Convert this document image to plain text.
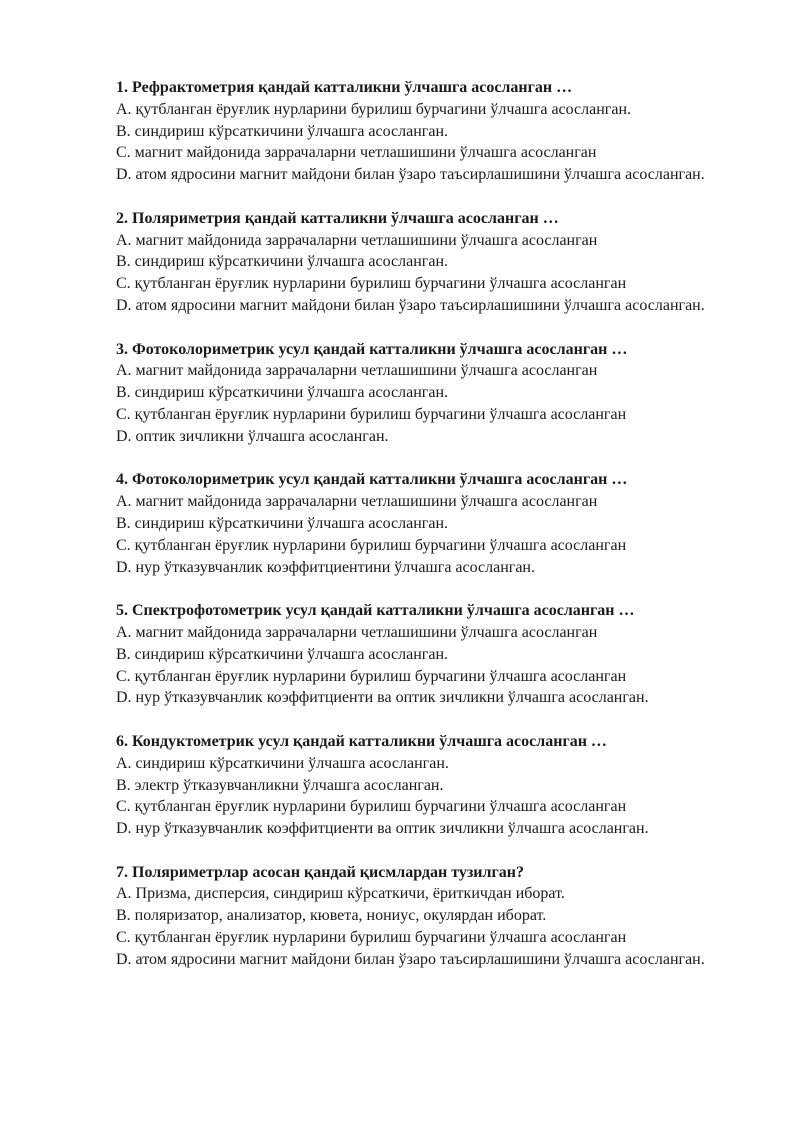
1. Рефрактометрия қандай катталикни ўлчашга асосланган …

A. қутбланган ёруғлик нурларини бурилиш бурчагини ўлчашга асосланган.

B. синдириш кўрсаткичини ўлчашга асосланган.

C. магнит майдонида заррачаларни четлашишини ўлчашга асосланган

D. атом ядросини магнит майдони билан ўзаро таъсирлашишини ўлчашга асосланган.

2. Поляриметрия қандай катталикни ўлчашга асосланган …

A. магнит майдонида заррачаларни четлашишини ўлчашга асосланган

B. синдириш кўрсаткичини ўлчашга асосланган.

C. қутбланган ёруғлик нурларини бурилиш бурчагини ўлчашга асосланган

D. атом ядросини магнит майдони билан ўзаро таъсирлашишини ўлчашга асосланган.

3. Фотоколориметрик усул қандай катталикни ўлчашга асосланган …

A. магнит майдонида заррачаларни четлашишини ўлчашга асосланган

B. синдириш кўрсаткичини ўлчашга асосланган.

C. қутбланган ёруғлик нурларини бурилиш бурчагини ўлчашга асосланган

D. оптик зичликни ўлчашга асосланган.

4. Фотоколориметрик усул қандай катталикни ўлчашга асосланган …

A. магнит майдонида заррачаларни четлашишини ўлчашга асосланган

B. синдириш кўрсаткичини ўлчашга асосланган.

C. қутбланган ёруғлик нурларини бурилиш бурчагини ўлчашга асосланган

D. нур ўтказувчанлик коэффитциентини ўлчашга асосланган.

5. Спектрофотометрик усул қандай катталикни ўлчашга асосланган …

A. магнит майдонида заррачаларни четлашишини ўлчашга асосланган

B. синдириш кўрсаткичини ўлчашга асосланган.

C. қутбланган ёруғлик нурларини бурилиш бурчагини ўлчашга асосланган

D. нур ўтказувчанлик коэффитциенти ва оптик зичликни ўлчашга асосланган.

6. Кондуктометрик усул қандай катталикни ўлчашга асосланган …

A. синдириш кўрсаткичини ўлчашга асосланган.

B. электр ўтказувчанликни ўлчашга асосланган.

C. қутбланган ёруғлик нурларини бурилиш бурчагини ўлчашга асосланган

D. нур ўтказувчанлик коэффитциенти ва оптик зичликни ўлчашга асосланган.

7. Поляриметрлар асосан қандай қисмлардан тузилган?

A. Призма, дисперсия, синдириш кўрсаткичи, ёриткичдан иборат.

B. поляризатор, анализатор, кювета, нониус, окулярдан иборат.

C. қутбланган ёруғлик нурларини бурилиш бурчагини ўлчашга асосланган

D. атом ядросини магнит майдони билан ўзаро таъсирлашишини ўлчашга асосланган.
